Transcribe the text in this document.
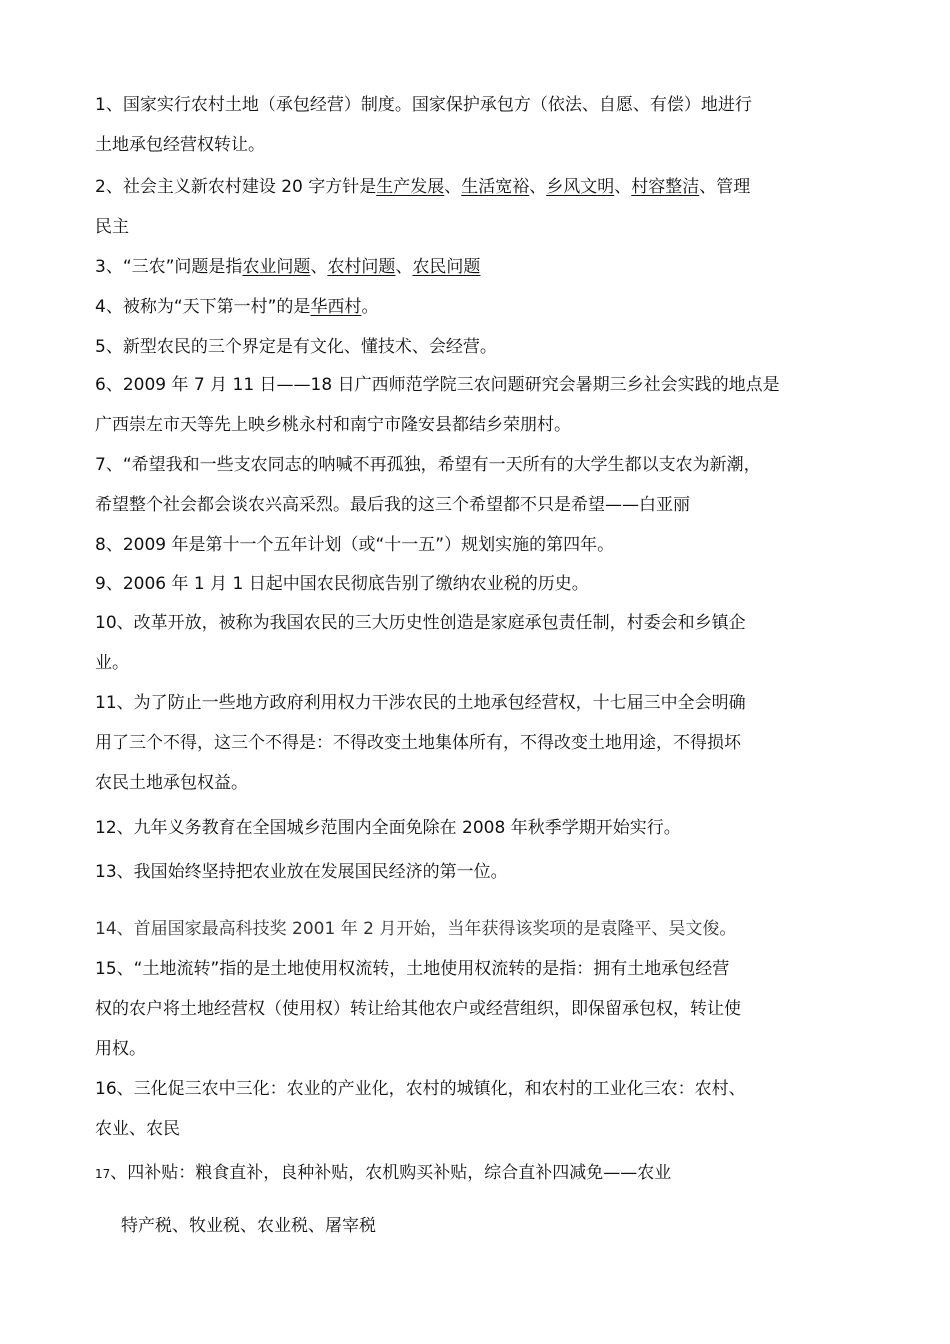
1、国家实行农村土地（承包经营）制度。国家保护承包方（依法、自愿、有偿）地进行

土地承包经营权转让。

2、社会主义新农村建设 20 字方针是生产发展、生活宽裕、乡风文明、村容整洁、管理

民主

3、“三农”问题是指农业问题、农村问题、农民问题

4、被称为“天下第一村”的是华西村。

5、新型农民的三个界定是有文化、懂技术、会经营。

6、2009 年 7 月 11 日——18 日广西师范学院三农问题研究会暑期三乡社会实践的地点是

广西崇左市天等先上映乡桃永村和南宁市隆安县都结乡荣朋村。

7、“希望我和一些支农同志的呐喊不再孤独，希望有一天所有的大学生都以支农为新潮，

希望整个社会都会谈农兴高采烈。最后我的这三个希望都不只是希望——白亚丽

8、2009 年是第十一个五年计划（或“十一五”）规划实施的第四年。

9、2006 年 1 月 1 日起中国农民彻底告别了缴纳农业税的历史。

10、改革开放，被称为我国农民的三大历史性创造是家庭承包责任制，村委会和乡镇企

业。

11、为了防止一些地方政府利用权力干涉农民的土地承包经营权，十七届三中全会明确

用了三个不得，这三个不得是：不得改变土地集体所有，不得改变土地用途，不得损坏

农民土地承包权益。

12、九年义务教育在全国城乡范围内全面免除在 2008 年秋季学期开始实行。

13、我国始终坚持把农业放在发展国民经济的第一位。

14、首届国家最高科技奖 2001 年 2 月开始，当年获得该奖项的是袁隆平、吴文俊。

15、“土地流转”指的是土地使用权流转，土地使用权流转的是指：拥有土地承包经营

权的农户将土地经营权（使用权）转让给其他农户或经营组织，即保留承包权，转让使

用权。

16、三化促三农中三化：农业的产业化，农村的城镇化，和农村的工业化三农：农村、

农业、农民

17、四补贴：粮食直补，良种补贴，农机购买补贴，综合直补四减免——农业

特产税、牧业税、农业税、屠宰税
